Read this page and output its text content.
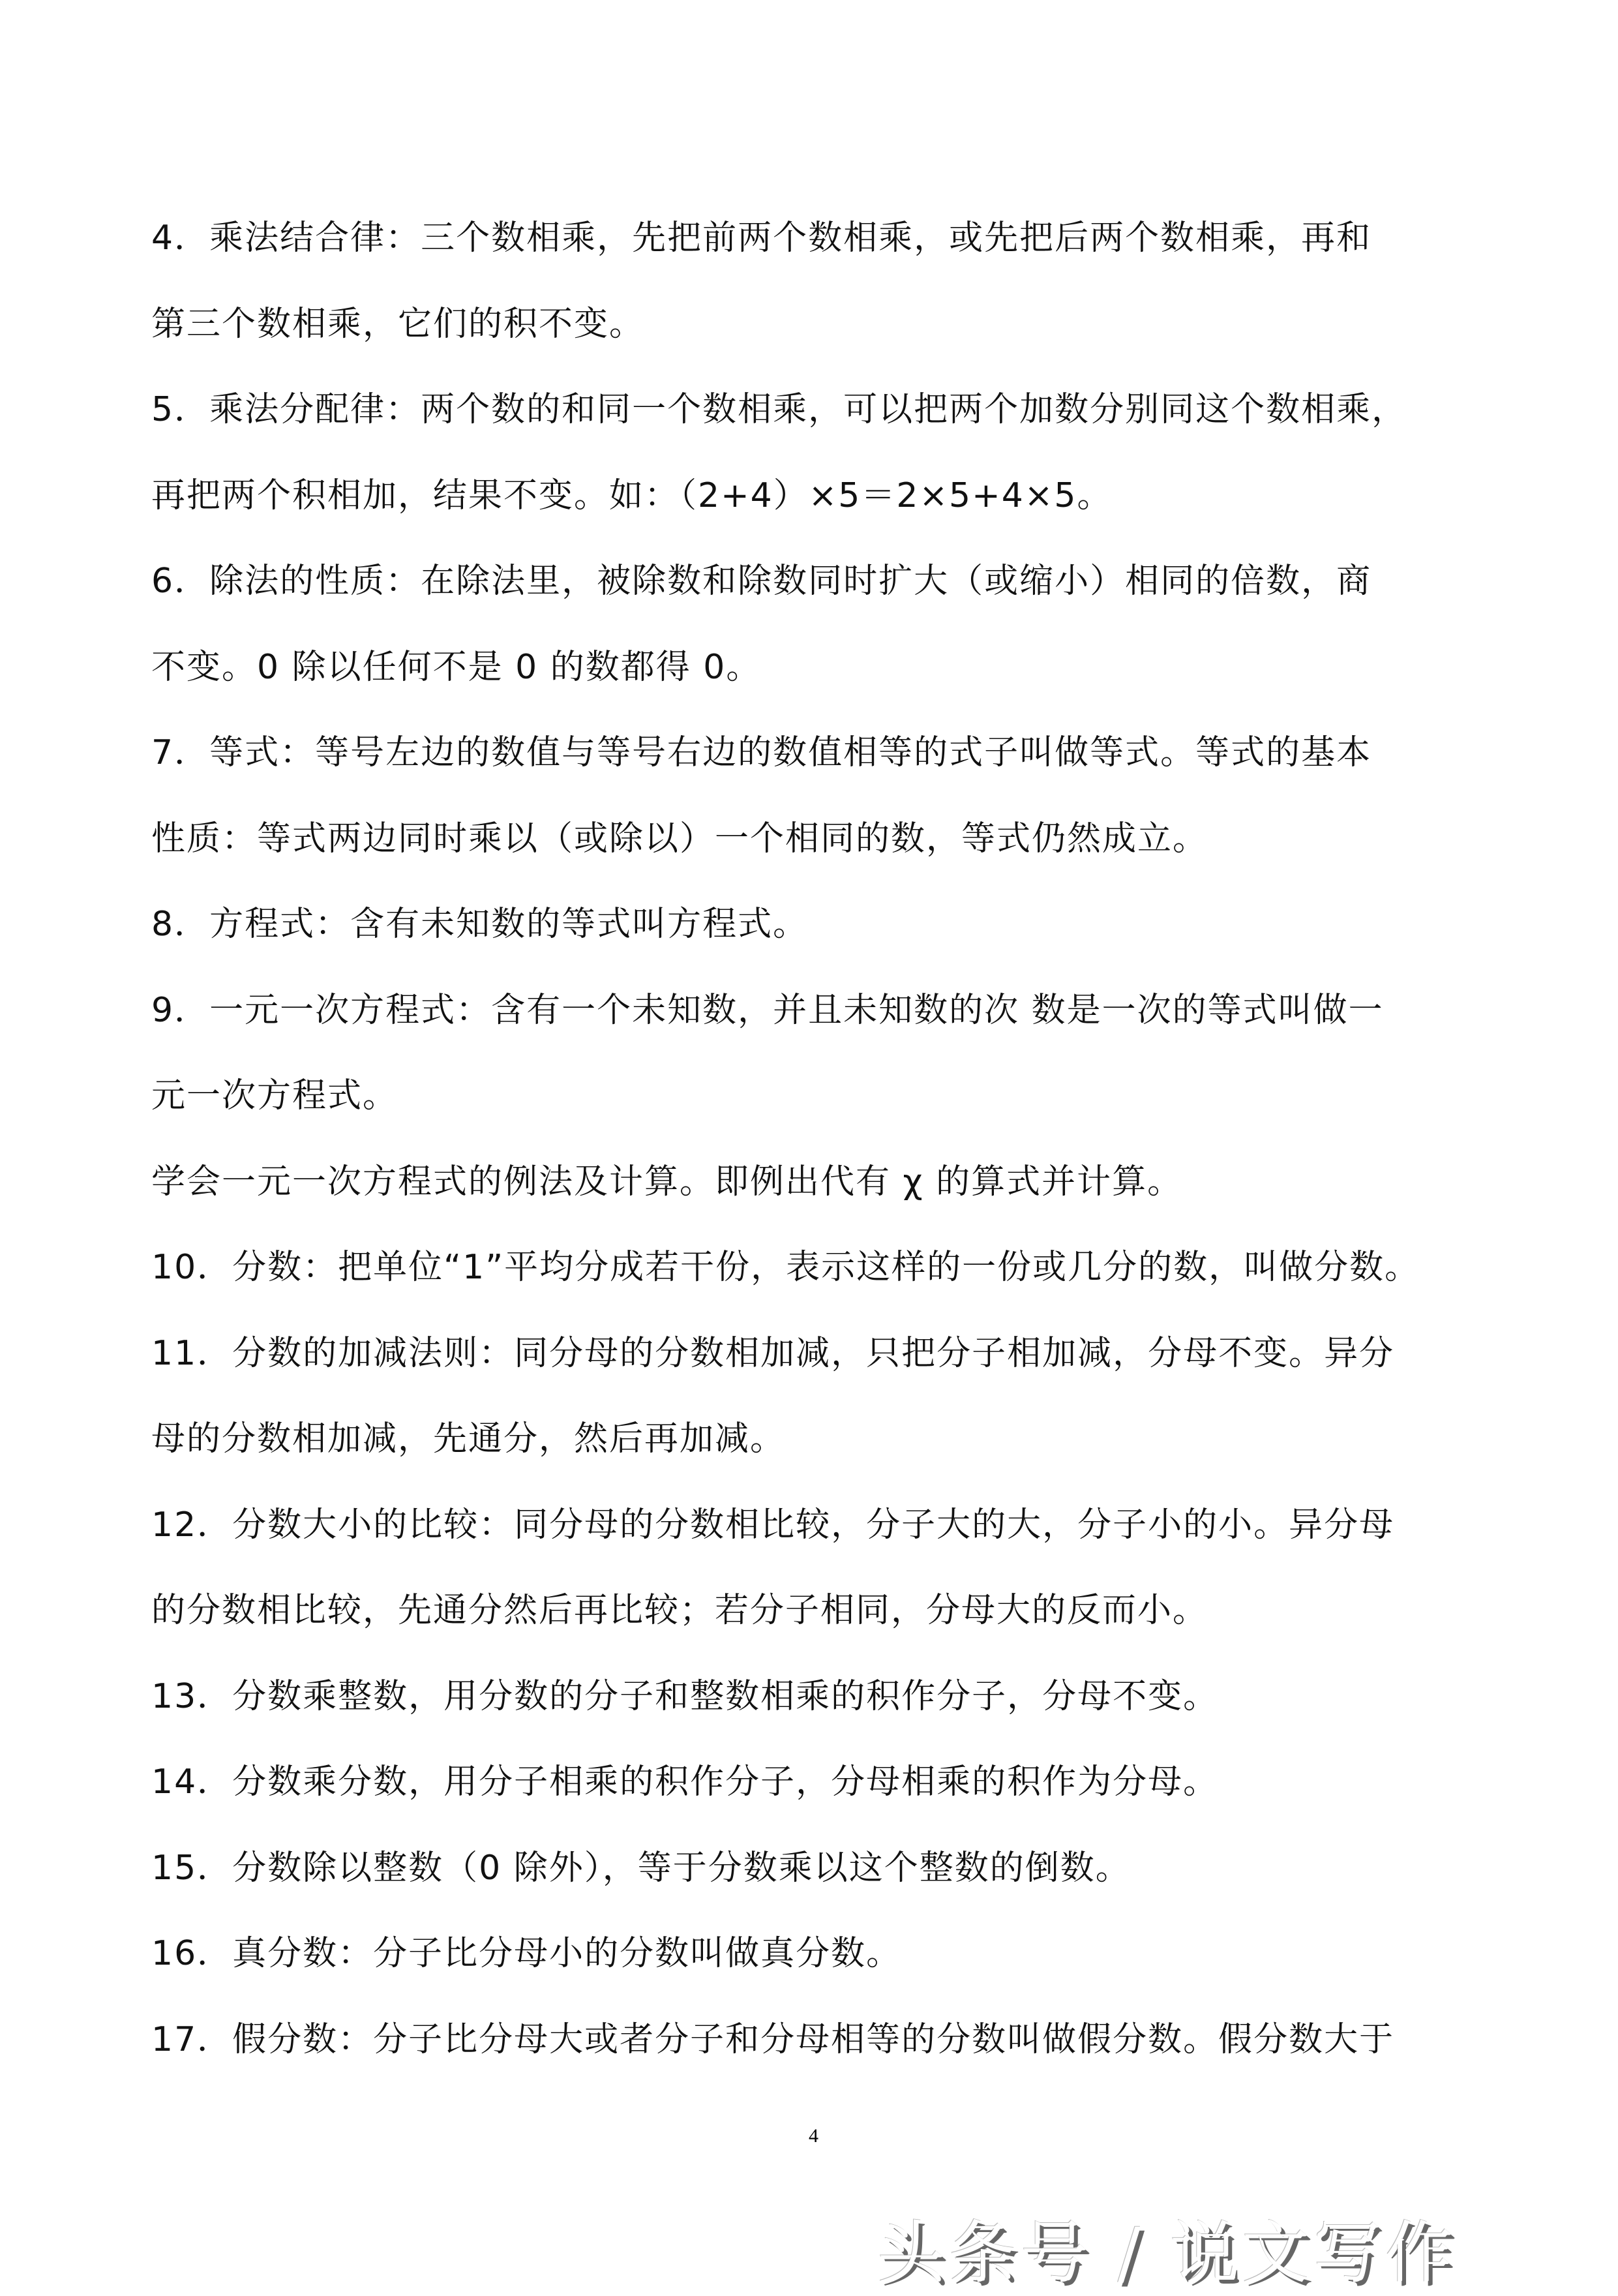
4．乘法结合律：三个数相乘，先把前两个数相乘，或先把后两个数相乘，再和
第三个数相乘，它们的积不变。
5．乘法分配律：两个数的和同一个数相乘，可以把两个加数分别同这个数相乘，
再把两个积相加，结果不变。如：（2+4）×5＝2×5+4×5。
6．除法的性质：在除法里，被除数和除数同时扩大（或缩小）相同的倍数，商
不变。0 除以任何不是 0 的数都得 0。
7．等式：等号左边的数值与等号右边的数值相等的式子叫做等式。等式的基本
性质：等式两边同时乘以（或除以）一个相同的数，等式仍然成立。
8．方程式：含有未知数的等式叫方程式。
9．一元一次方程式：含有一个未知数，并且未知数的次 数是一次的等式叫做一
元一次方程式。
学会一元一次方程式的例法及计算。即例出代有 χ 的算式并计算。
10．分数：把单位“1”平均分成若干份，表示这样的一份或几分的数，叫做分数。
11．分数的加减法则：同分母的分数相加减，只把分子相加减，分母不变。异分
母的分数相加减，先通分，然后再加减。
12．分数大小的比较：同分母的分数相比较，分子大的大，分子小的小。异分母
的分数相比较，先通分然后再比较；若分子相同，分母大的反而小。
13．分数乘整数，用分数的分子和整数相乘的积作分子，分母不变。
14．分数乘分数，用分子相乘的积作分子，分母相乘的积作为分母。
15．分数除以整数（0 除外），等于分数乘以这个整数的倒数。
16．真分数：分子比分母小的分数叫做真分数。
17．假分数：分子比分母大或者分子和分母相等的分数叫做假分数。假分数大于
4
头条号 / 说文写作
